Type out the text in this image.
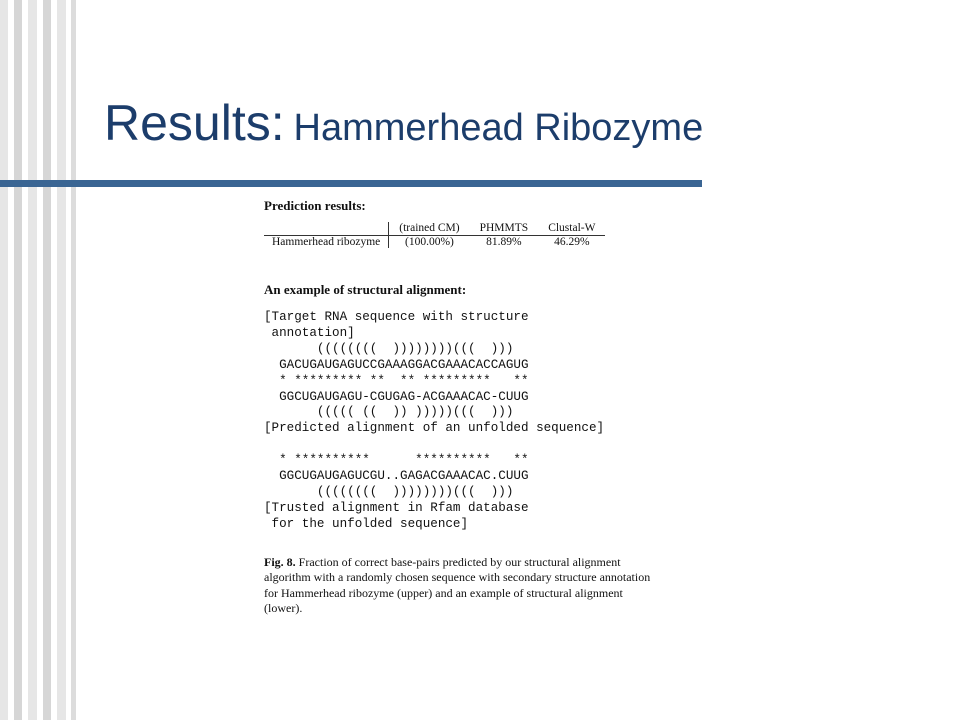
Results: Hammerhead Ribozyme

Prediction results:

	(trained CM)	PHMMTS	Clustal-W
Hammerhead ribozyme	(100.00%)	81.89%	46.29%

An example of structural alignment:

[Target RNA sequence with structure
annotation]
((((((((  ))))))))(((  )))
GACUGAUGAGUCCGAAAGGACGAAACACCAGUG
* ********* **  ** *********   **
GGCUGAUGAGU-CGUGAG-ACGAAACAC-CUUG
((((( ((  )) )))))(((  )))
[Predicted alignment of an unfolded sequence]

* **********      **********   **
GGCUGAUGAGUCGU..GAGACGAAACAC.CUUG
((((((((  ))))))))(((  )))
[Trusted alignment in Rfam database
for the unfolded sequence]
Fig. 8. Fraction of correct base-pairs predicted by our structural alignment algorithm with a randomly chosen sequence with secondary structure annotation for Hammerhead ribozyme (upper) and an example of structural alignment (lower).
